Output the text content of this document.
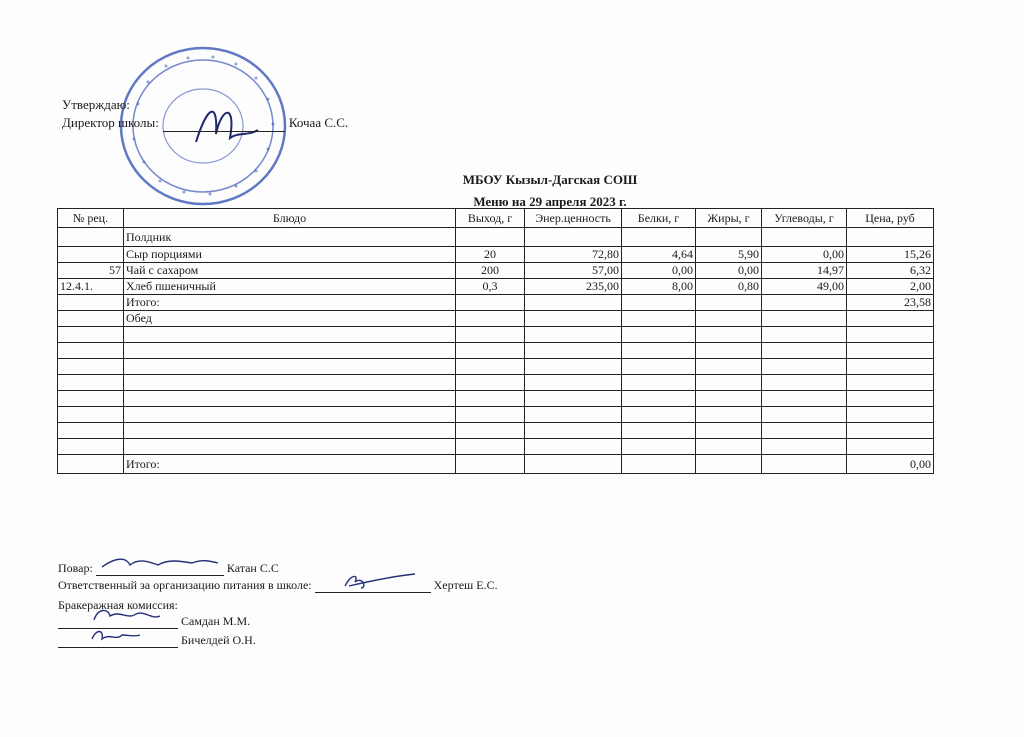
Утверждаю:
Директор школы:	Кочаа С.С.
МБОУ Кызыл-Дагская СОШ
Меню на 29 апреля 2023 г.
№ рец.	Блюдо	Выход, г	Энер.ценность	Белки, г	Жиры, г	Углеводы, г	Цена, руб
	Полдник						
	Сыр порциями	20	72,80	4,64	5,90	0,00	15,26
57	Чай с сахаром	200	57,00	0,00	0,00	14,97	6,32
12.4.1.	Хлеб пшеничный	0,3	235,00	8,00	0,80	49,00	2,00
	Итого:						23,58
	Обед						

	Итого:						0,00
Повар:	Катан С.С
Ответственный за организацию питания в школе:	Хертеш Е.С.
Бракеражная комиссия:
Самдан М.М.
Бичелдей О.Н.
